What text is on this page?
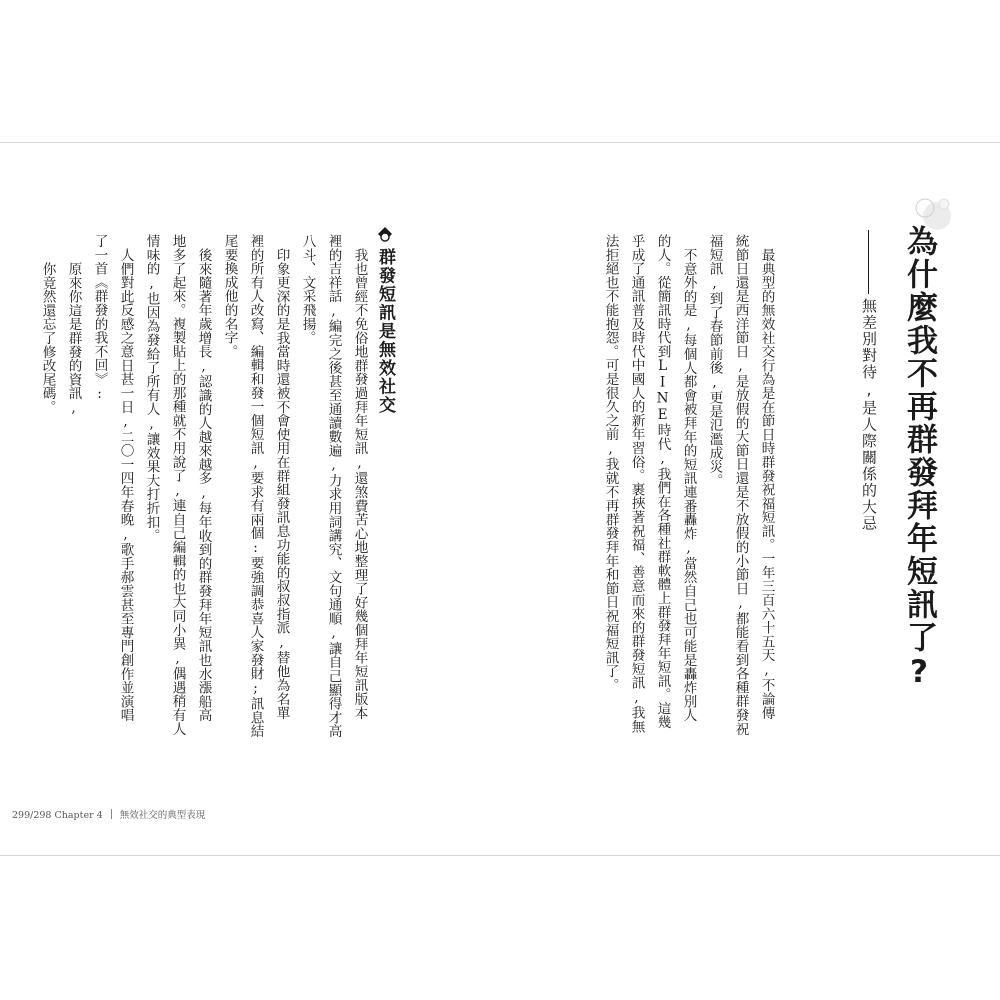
為什麼我不再群發拜年短訊了?
無差別對待,是人際關係的大忌
最典型的無效社交行為是在節日時群發祝福短訊。一年三百六十五天,不論傳
統節日還是西洋節日,是放假的大節日還是不放假的小節日,都能看到各種群發祝
福短訊,到了春節前後,更是氾濫成災。
不意外的是,每個人都會被拜年的短訊連番轟炸,當然自己也可能是轟炸別人
的人。從簡訊時代到LINE時代,我們在各種社群軟體上群發拜年短訊。這幾
乎成了通訊普及時代中國人的新年習俗。裹挾著祝福、善意而來的群發短訊,我無
法拒絕也不能抱怨。可是很久之前,我就不再群發拜年和節日祝福短訊了。
群發短訊是無效社交
我也曾經不免俗地群發過拜年短訊,還煞費苦心地整理了好幾個拜年短訊版本
裡的吉祥話,編完之後甚至通讀數遍,力求用詞講究、文句通順,讓自己顯得才高
八斗、文采飛揚。
印象更深的是我當時還被不會使用在群組發訊息功能的叔叔指派,替他為名單
裡的所有人改寫、編輯和發一個短訊,要求有兩個:要強調恭喜人家發財;訊息結
尾要換成他的名字。
後來隨著年歲增長,認識的人越來越多,每年收到的群發拜年短訊也水漲船高
地多了起來。複製貼上的那種就不用說了,連自己編輯的也大同小異,偶遇稍有人
情味的,也因為發給了所有人,讓效果大打折扣。
人們對此反感之意日甚一日,二〇一四年春晚,歌手郝雲甚至專門創作並演唱
了一首《群發的我不回》:
原來你這是群發的資訊,
你竟然還忘了修改尾碼。
299/298 Chapter 4 無效社交的典型表現
